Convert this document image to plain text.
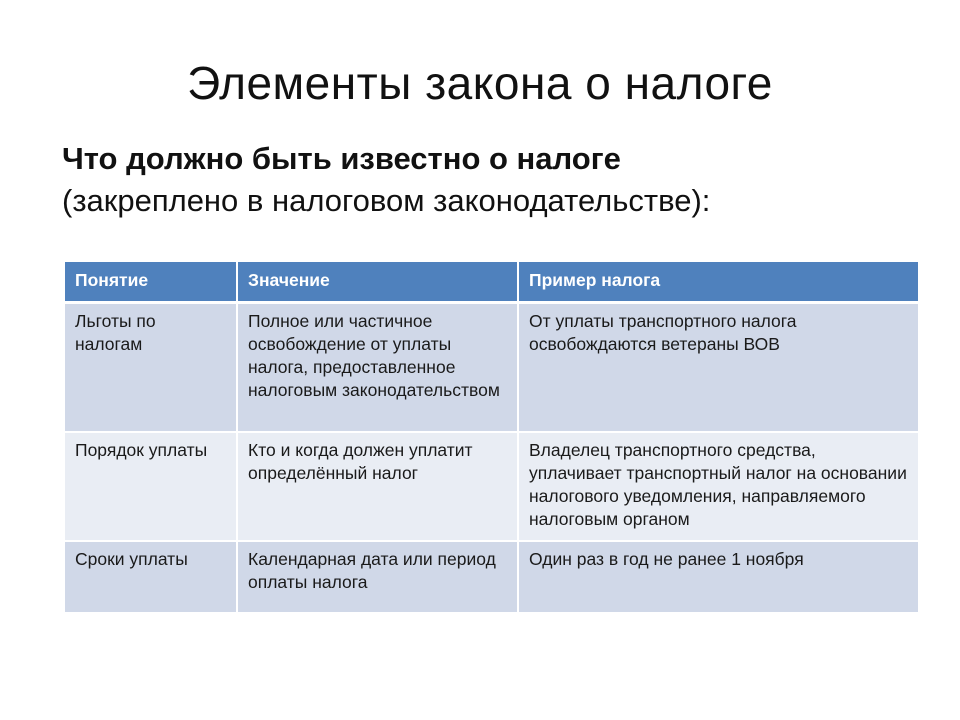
Элементы закона о налоге
Что должно быть известно о налоге
(закреплено в налоговом законодательстве):
Понятие	Значение	Пример налога
Льготы по налогам	Полное или частичное освобождение от уплаты налога, предоставленное налоговым законодательством	От уплаты транспортного налога освобождаются ветераны ВОВ
Порядок уплаты	Кто и когда должен уплатит определённый налог	Владелец транспортного средства, уплачивает транспортный налог на основании налогового уведомления, направляемого налоговым органом
Сроки уплаты	Календарная дата или период оплаты налога	Один раз в год не ранее 1 ноября
